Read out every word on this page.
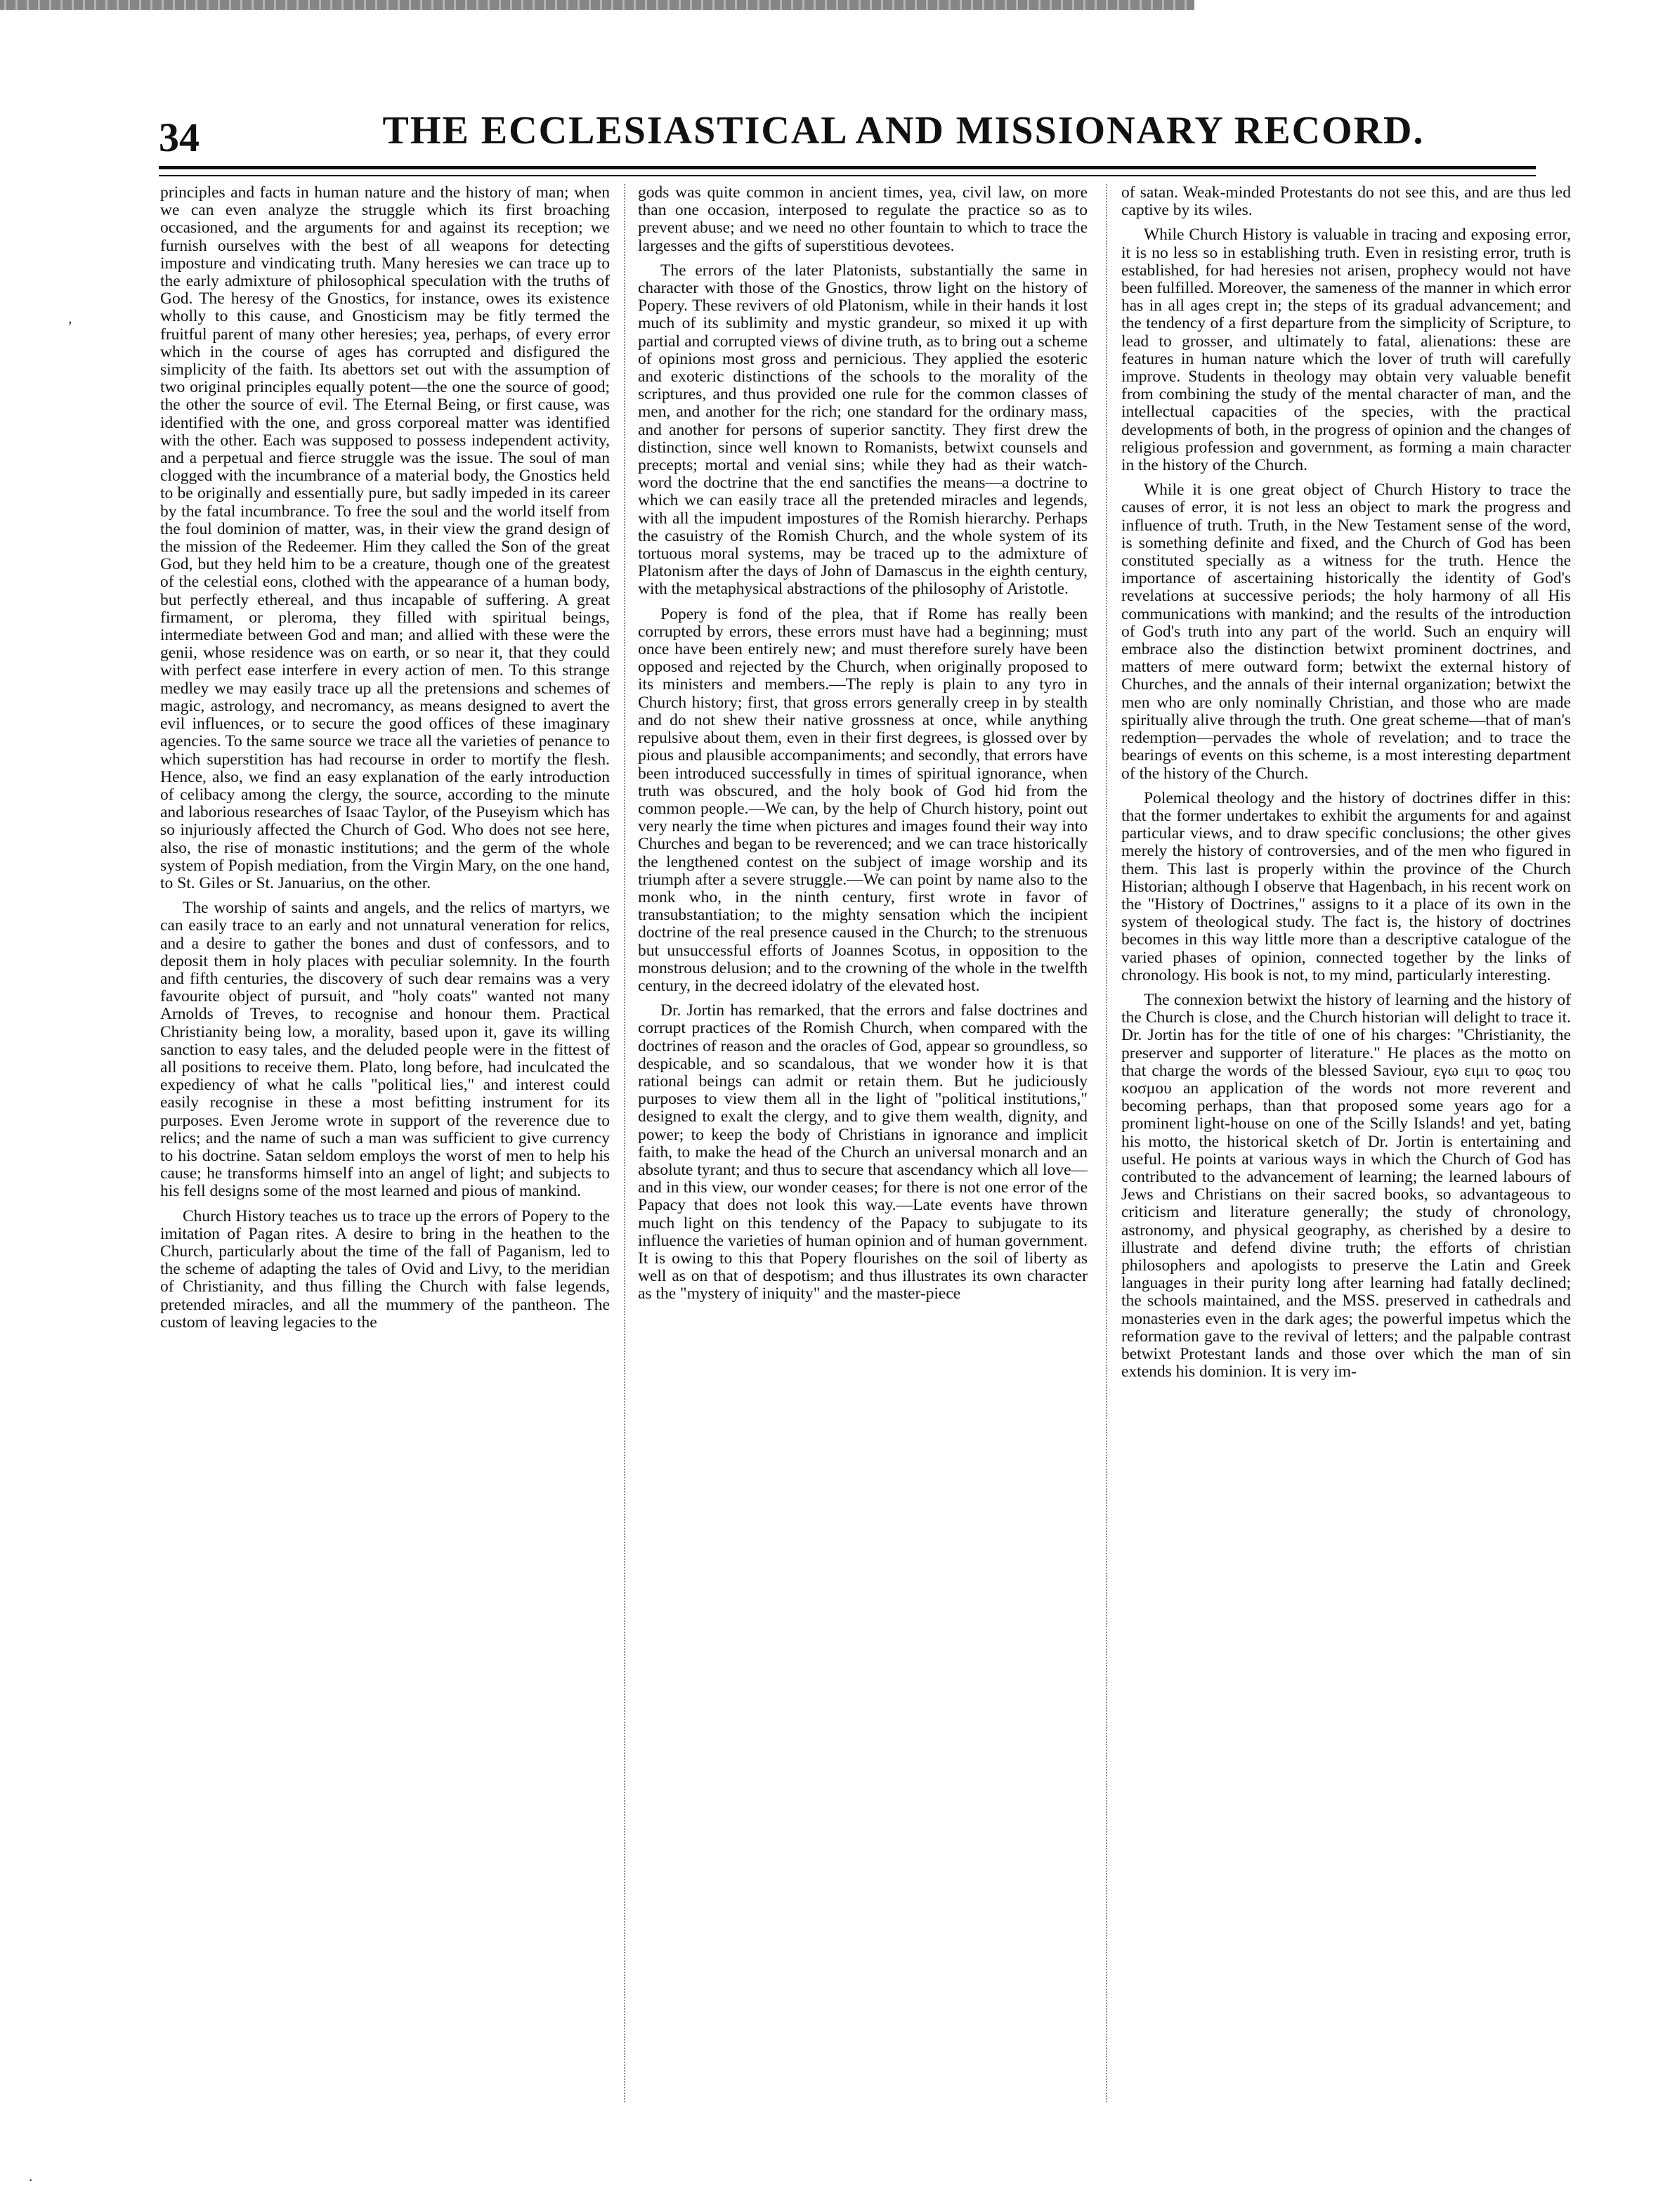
34	THE ECCLESIASTICAL AND MISSIONARY RECORD.

principles and facts in human nature and the history of man; when we can even analyze the struggle which its first broaching occasioned, and the arguments for and against its reception; we furnish ourselves with the best of all weapons for detecting imposture and vindicating truth. Many heresies we can trace up to the early admixture of philosophical speculation with the truths of God. The heresy of the Gnostics, for instance, owes its existence wholly to this cause, and Gnosticism may be fitly termed the fruitful parent of many other heresies; yea, perhaps, of every error which in the course of ages has corrupted and disfigured the simplicity of the faith. Its abettors set out with the assumption of two original principles equally potent—the one the source of good; the other the source of evil. The Eternal Being, or first cause, was identified with the one, and gross corporeal matter was identified with the other. Each was supposed to possess independent activity, and a perpetual and fierce struggle was the issue. The soul of man clogged with the incumbrance of a material body, the Gnostics held to be originally and essentially pure, but sadly impeded in its career by the fatal incumbrance. To free the soul and the world itself from the foul dominion of matter, was, in their view the grand design of the mission of the Redeemer. Him they called the Son of the great God, but they held him to be a creature, though one of the greatest of the celestial eons, clothed with the appearance of a human body, but perfectly ethereal, and thus incapable of suffering. A great firmament, or pleroma, they filled with spiritual beings, intermediate between God and man; and allied with these were the genii, whose residence was on earth, or so near it, that they could with perfect ease interfere in every action of men. To this strange medley we may easily trace up all the pretensions and schemes of magic, astrology, and necromancy, as means designed to avert the evil influences, or to secure the good offices of these imaginary agencies. To the same source we trace all the varieties of penance to which superstition has had recourse in order to mortify the flesh. Hence, also, we find an easy explanation of the early introduction of celibacy among the clergy, the source, according to the minute and laborious researches of Isaac Taylor, of the Puseyism which has so injuriously affected the Church of God. Who does not see here, also, the rise of monastic institutions; and the germ of the whole system of Popish mediation, from the Virgin Mary, on the one hand, to St. Giles or St. Januarius, on the other.

The worship of saints and angels, and the relics of martyrs, we can easily trace to an early and not unnatural veneration for relics, and a desire to gather the bones and dust of confessors, and to deposit them in holy places with peculiar solemnity. In the fourth and fifth centuries, the discovery of such dear remains was a very favourite object of pursuit, and "holy coats" wanted not many Arnolds of Treves, to recognise and honour them. Practical Christianity being low, a morality, based upon it, gave its willing sanction to easy tales, and the deluded people were in the fittest of all positions to receive them. Plato, long before, had inculcated the expediency of what he calls "political lies," and interest could easily recognise in these a most befitting instrument for its purposes. Even Jerome wrote in support of the reverence due to relics; and the name of such a man was sufficient to give currency to his doctrine. Satan seldom employs the worst of men to help his cause; he transforms himself into an angel of light; and subjects to his fell designs some of the most learned and pious of mankind.

Church History teaches us to trace up the errors of Popery to the imitation of Pagan rites. A desire to bring in the heathen to the Church, particularly about the time of the fall of Paganism, led to the scheme of adapting the tales of Ovid and Livy, to the meridian of Christianity, and thus filling the Church with false legends, pretended miracles, and all the mummery of the pantheon. The custom of leaving legacies to the

gods was quite common in ancient times, yea, civil law, on more than one occasion, interposed to regulate the practice so as to prevent abuse; and we need no other fountain to which to trace the largesses and the gifts of superstitious devotees.

The errors of the later Platonists, substantially the same in character with those of the Gnostics, throw light on the history of Popery. These revivers of old Platonism, while in their hands it lost much of its sublimity and mystic grandeur, so mixed it up with partial and corrupted views of divine truth, as to bring out a scheme of opinions most gross and pernicious. They applied the esoteric and exoteric distinctions of the schools to the morality of the scriptures, and thus provided one rule for the common classes of men, and another for the rich; one standard for the ordinary mass, and another for persons of superior sanctity. They first drew the distinction, since well known to Romanists, betwixt counsels and precepts; mortal and venial sins; while they had as their watch-word the doctrine that the end sanctifies the means—a doctrine to which we can easily trace all the pretended miracles and legends, with all the impudent impostures of the Romish hierarchy. Perhaps the casuistry of the Romish Church, and the whole system of its tortuous moral systems, may be traced up to the admixture of Platonism after the days of John of Damascus in the eighth century, with the metaphysical abstractions of the philosophy of Aristotle.

Popery is fond of the plea, that if Rome has really been corrupted by errors, these errors must have had a beginning; must once have been entirely new; and must therefore surely have been opposed and rejected by the Church, when originally proposed to its ministers and members.—The reply is plain to any tyro in Church history; first, that gross errors generally creep in by stealth and do not shew their native grossness at once, while anything repulsive about them, even in their first degrees, is glossed over by pious and plausible accompaniments; and secondly, that errors have been introduced successfully in times of spiritual ignorance, when truth was obscured, and the holy book of God hid from the common people.—We can, by the help of Church history, point out very nearly the time when pictures and images found their way into Churches and began to be reverenced; and we can trace historically the lengthened contest on the subject of image worship and its triumph after a severe struggle.—We can point by name also to the monk who, in the ninth century, first wrote in favor of transubstantiation; to the mighty sensation which the incipient doctrine of the real presence caused in the Church; to the strenuous but unsuccessful efforts of Joannes Scotus, in opposition to the monstrous delusion; and to the crowning of the whole in the twelfth century, in the decreed idolatry of the elevated host.

Dr. Jortin has remarked, that the errors and false doctrines and corrupt practices of the Romish Church, when compared with the doctrines of reason and the oracles of God, appear so groundless, so despicable, and so scandalous, that we wonder how it is that rational beings can admit or retain them. But he judiciously purposes to view them all in the light of "political institutions," designed to exalt the clergy, and to give them wealth, dignity, and power; to keep the body of Christians in ignorance and implicit faith, to make the head of the Church an universal monarch and an absolute tyrant; and thus to secure that ascendancy which all love—and in this view, our wonder ceases; for there is not one error of the Papacy that does not look this way.—Late events have thrown much light on this tendency of the Papacy to subjugate to its influence the varieties of human opinion and of human government. It is owing to this that Popery flourishes on the soil of liberty as well as on that of despotism; and thus illustrates its own character as the "mystery of iniquity" and the master-piece

of satan. Weak-minded Protestants do not see this, and are thus led captive by its wiles.

While Church History is valuable in tracing and exposing error, it is no less so in establishing truth. Even in resisting error, truth is established, for had heresies not arisen, prophecy would not have been fulfilled. Moreover, the sameness of the manner in which error has in all ages crept in; the steps of its gradual advancement; and the tendency of a first departure from the simplicity of Scripture, to lead to grosser, and ultimately to fatal, alienations: these are features in human nature which the lover of truth will carefully improve. Students in theology may obtain very valuable benefit from combining the study of the mental character of man, and the intellectual capacities of the species, with the practical developments of both, in the progress of opinion and the changes of religious profession and government, as forming a main character in the history of the Church.

While it is one great object of Church History to trace the causes of error, it is not less an object to mark the progress and influence of truth. Truth, in the New Testament sense of the word, is something definite and fixed, and the Church of God has been constituted specially as a witness for the truth. Hence the importance of ascertaining historically the identity of God's revelations at successive periods; the holy harmony of all His communications with mankind; and the results of the introduction of God's truth into any part of the world. Such an enquiry will embrace also the distinction betwixt prominent doctrines, and matters of mere outward form; betwixt the external history of Churches, and the annals of their internal organization; betwixt the men who are only nominally Christian, and those who are made spiritually alive through the truth. One great scheme—that of man's redemption—pervades the whole of revelation; and to trace the bearings of events on this scheme, is a most interesting department of the history of the Church.

Polemical theology and the history of doctrines differ in this: that the former undertakes to exhibit the arguments for and against particular views, and to draw specific conclusions; the other gives merely the history of controversies, and of the men who figured in them. This last is properly within the province of the Church Historian; although I observe that Hagenbach, in his recent work on the "History of Doctrines," assigns to it a place of its own in the system of theological study. The fact is, the history of doctrines becomes in this way little more than a descriptive catalogue of the varied phases of opinion, connected together by the links of chronology. His book is not, to my mind, particularly interesting.

The connexion betwixt the history of learning and the history of the Church is close, and the Church historian will delight to trace it. Dr. Jortin has for the title of one of his charges: "Christianity, the preserver and supporter of literature." He places as the motto on that charge the words of the blessed Saviour, εγω ειμι το φως του κοσμου an application of the words not more reverent and becoming perhaps, than that proposed some years ago for a prominent light-house on one of the Scilly Islands! and yet, bating his motto, the historical sketch of Dr. Jortin is entertaining and useful. He points at various ways in which the Church of God has contributed to the advancement of learning; the learned labours of Jews and Christians on their sacred books, so advantageous to criticism and literature generally; the study of chronology, astronomy, and physical geography, as cherished by a desire to illustrate and defend divine truth; the efforts of christian philosophers and apologists to preserve the Latin and Greek languages in their purity long after learning had fatally declined; the schools maintained, and the MSS. preserved in cathedrals and monasteries even in the dark ages; the powerful impetus which the reformation gave to the revival of letters; and the palpable contrast betwixt Protestant lands and those over which the man of sin extends his dominion. It is very im-

‚
·
